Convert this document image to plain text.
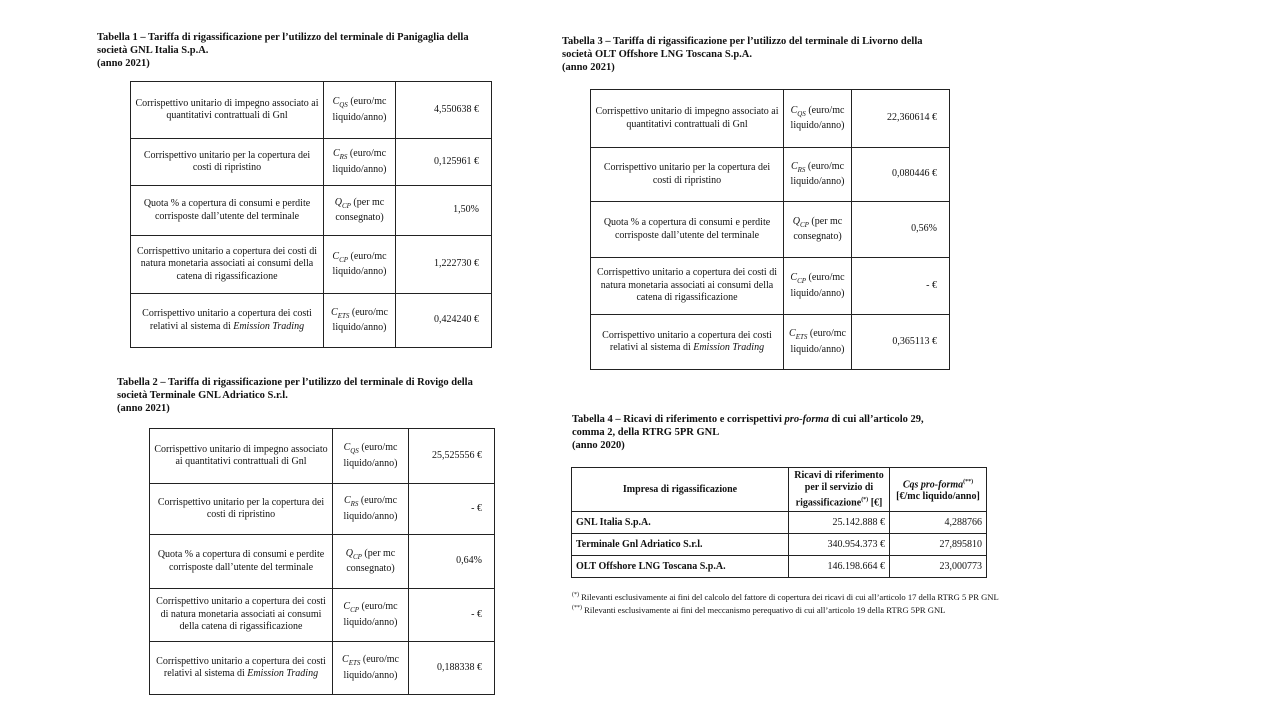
Tabella 1 – Tariffa di rigassificazione per l’utilizzo del terminale di Panigaglia della
società GNL Italia S.p.A.
(anno 2021)
Corrispettivo unitario di impegno associato ai quantitativi contrattuali di Gnl	$C_{QS}$ (euro/mc liquido/anno)	4,550638 €
Corrispettivo unitario per la copertura dei costi di ripristino	$C_{RS}$ (euro/mc liquido/anno)	0,125961 €
Quota % a copertura di consumi e perdite corrisposte dall’utente del terminale	$Q_{CP}$ (per mc consegnato)	1,50%
Corrispettivo unitario a copertura dei costi di natura monetaria associati ai consumi della catena di rigassificazione	$C_{CP}$ (euro/mc liquido/anno)	1,222730 €
Corrispettivo unitario a copertura dei costi relativi al sistema di Emission Trading	$C_{ETS}$ (euro/mc liquido/anno)	0,424240 €
Tabella 2 – Tariffa di rigassificazione per l’utilizzo del terminale di Rovigo della
società Terminale GNL Adriatico S.r.l.
(anno 2021)
Corrispettivo unitario di impegno associato ai quantitativi contrattuali di Gnl	$C_{QS}$ (euro/mc liquido/anno)	25,525556 €
Corrispettivo unitario per la copertura dei costi di ripristino	$C_{RS}$ (euro/mc liquido/anno)	- €
Quota % a copertura di consumi e perdite corrisposte dall’utente del terminale	$Q_{CP}$ (per mc consegnato)	0,64%
Corrispettivo unitario a copertura dei costi di natura monetaria associati ai consumi della catena di rigassificazione	$C_{CP}$ (euro/mc liquido/anno)	- €
Corrispettivo unitario a copertura dei costi relativi al sistema di Emission Trading	$C_{ETS}$ (euro/mc liquido/anno)	0,188338 €
Tabella 3 – Tariffa di rigassificazione per l’utilizzo del terminale di Livorno della
società OLT Offshore LNG Toscana S.p.A.
(anno 2021)
Corrispettivo unitario di impegno associato ai quantitativi contrattuali di Gnl	$C_{QS}$ (euro/mc liquido/anno)	22,360614 €
Corrispettivo unitario per la copertura dei costi di ripristino	$C_{RS}$ (euro/mc liquido/anno)	0,080446 €
Quota % a copertura di consumi e perdite corrisposte dall’utente del terminale	$Q_{CP}$ (per mc consegnato)	0,56%
Corrispettivo unitario a copertura dei costi di natura monetaria associati ai consumi della catena di rigassificazione	$C_{CP}$ (euro/mc liquido/anno)	- €
Corrispettivo unitario a copertura dei costi relativi al sistema di Emission Trading	$C_{ETS}$ (euro/mc liquido/anno)	0,365113 €
Tabella 4 – Ricavi di riferimento e corrispettivi pro-forma di cui all’articolo 29,
comma 2, della RTRG 5PR GNL
(anno 2020)
Impresa di rigassificazione	Ricavi di riferimento per il servizio di rigassificazione(*) [€]	Cqs pro-forma(**)
[€/mc liquido/anno]
GNL Italia S.p.A.	25.142.888 €	4,288766
Terminale Gnl Adriatico S.r.l.	340.954.373 €	27,895810
OLT Offshore LNG Toscana S.p.A.	146.198.664 €	23,000773
(*) Rilevanti esclusivamente ai fini del calcolo del fattore di copertura dei ricavi di cui all’articolo 17 della RTRG 5 PR GNL
(**) Rilevanti esclusivamente ai fini del meccanismo perequativo di cui all’articolo 19 della RTRG 5PR GNL
